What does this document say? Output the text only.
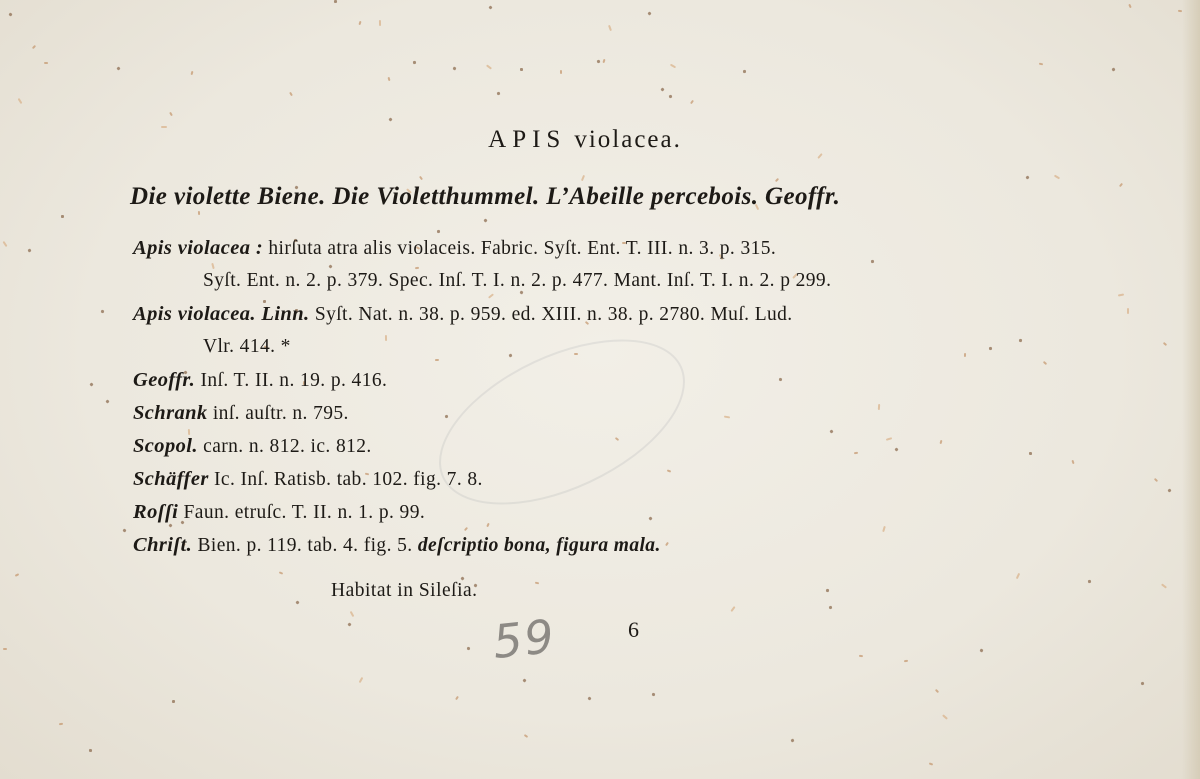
APIS violacea.
Die violette Biene. Die Violetthummel. L’Abeille percebois. Geoffr.
Apis violacea : hirſuta atra alis violaceis. Fabric. Syſt. Ent. T. III. n. 3. p. 315.
Syſt. Ent. n. 2. p. 379. Spec. Inſ. T. I. n. 2. p. 477. Mant. Inſ. T. I. n. 2. p 299.
Apis violacea. Linn. Syſt. Nat. n. 38. p. 959. ed. XIII. n. 38. p. 2780. Muſ. Lud.
Vlr. 414. *
Geoffr. Inſ. T. II. n. 19. p. 416.
Schrank inſ. auſtr. n. 795.
Scopol. carn. n. 812. ic. 812.
Schäffer Ic. Inſ. Ratisb. tab. 102. fig. 7. 8.
Roſſi Faun. etruſc. T. II. n. 1. p. 99.
Chriſt. Bien. p. 119. tab. 4. fig. 5. deſcriptio bona, figura mala.
Habitat in Sileſia.
6
59
